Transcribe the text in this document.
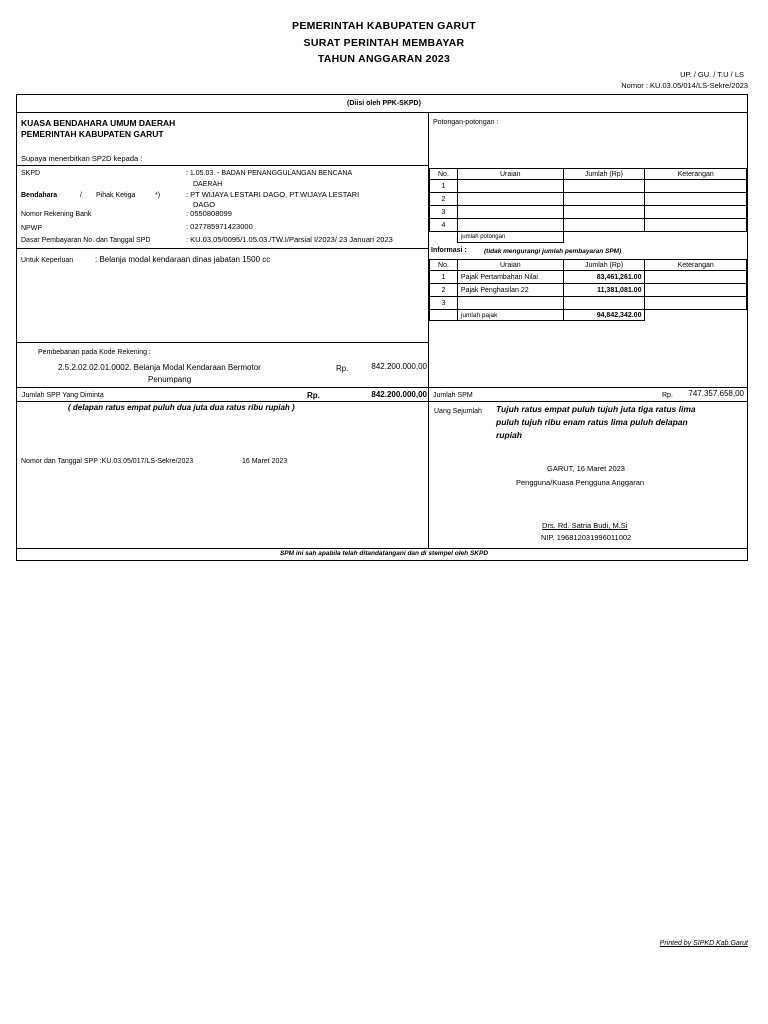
PEMERINTAH KABUPATEN GARUT
SURAT PERINTAH MEMBAYAR
TAHUN ANGGARAN 2023
UP. / GU. / T.U / LS
Nomor : KU.03.05/014/LS-Sekre/2023
(Diisi oleh PPK-SKPD)
KUASA BENDAHARA UMUM DAERAH
PEMERINTAH KABUPATEN GARUT
Supaya menerbitkan SP2D kepada :
SKPD	: 1.05.03. - BADAN PENANGGULANGAN BENCANA
DAERAH
Bendahara	/ Pihak Ketiga	*)	: PT WIJAYA LESTARI DAGO, PT.WIJAYA LESTARI
DAGO
Nomor Rekening Bank	: 0550808099
NPWP	: 027785971423000
Dasar Pembayaran No. dan Tanggal SPD	: KU.03.05/0095/1.05.03./TW.I/Parsial I/2023/ 23 Januari 2023
Untuk Keperluan	: Belanja modal kendaraan dinas jabatan 1500 cc
Pembebanan pada Kode Rekening :
2.5.2.02.02.01.0002. Belanja Modal Kendaraan Bermotor
Penumpang
Rp.	842.200.000,00
Jumlah SPP Yang Diminta	Rp.	842.200.000,00
( delapan ratus empat puluh dua juta dua ratus ribu rupiah )
Nomor dan Tanggal SPP :KU.03.05/017/LS-Sekre/2023	16 Maret 2023
Potongan-potongan :
No.	Uraian	Jumlah (Rp)	Keterangan
1			
2			
3			
4			
	jumlah potongan		
Informasi :	(tidak mengurangi jumlah pembayaran SPM)
No.	Uraian	Jumlah (Rp)	Keterangan
1	Pajak Pertambahan Nilai	83,461,261.00	
2	Pajak Penghasilan 22	11,381,081.00	
3			
	jumlah pajak	94,842,342.00	
Jumlah SPM	Rp. 747.357.658,00
Uang Sejumlah Tujuh ratus empat puluh tujuh juta tiga ratus lima
puluh tujuh ribu enam ratus lima puluh delapan
rupiah
GARUT, 16 Maret 2023
Pengguna/Kuasa Pengguna Anggaran
Drs. Rd. Satria Budi, M.Si
NIP. 196812031996011002
SPM ini sah apabila telah ditandatangani dan di stempel oleh SKPD
Printed by SIPKD Kab.Garut
